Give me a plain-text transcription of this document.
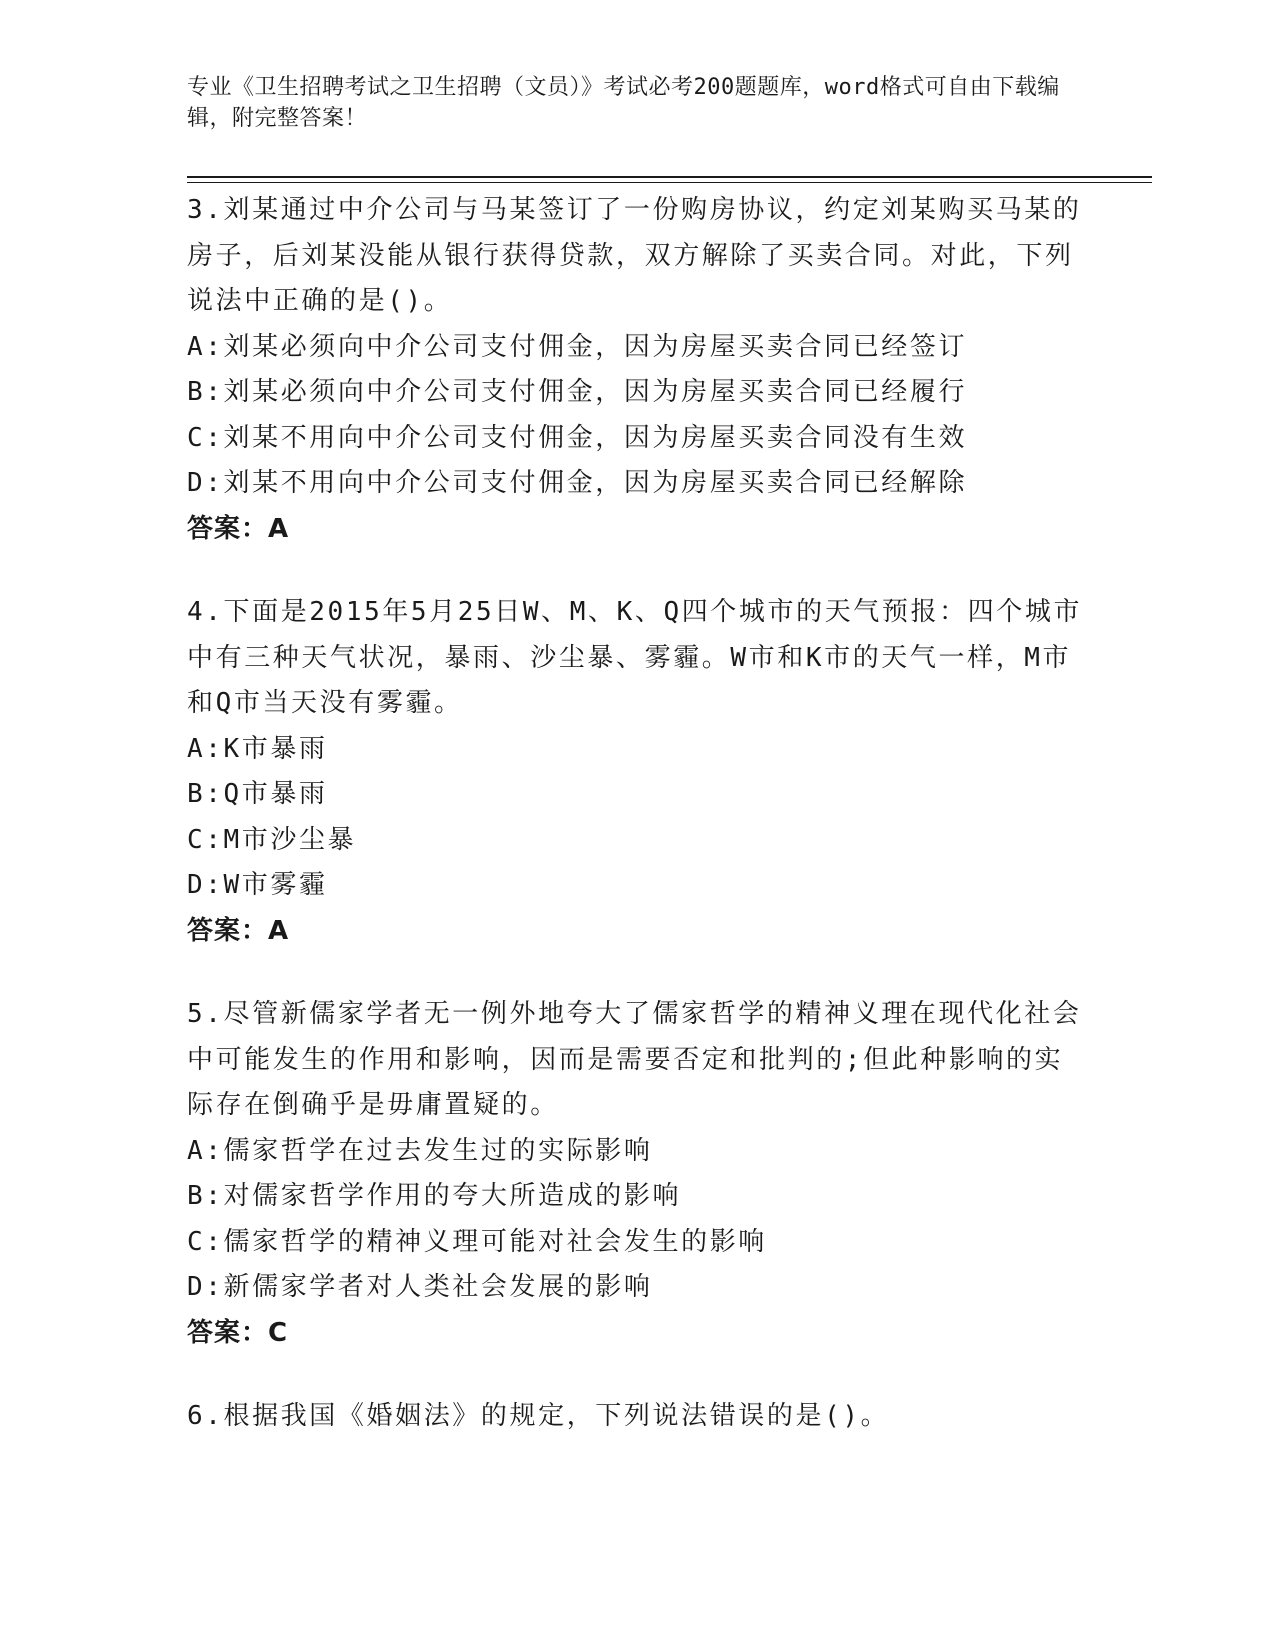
专业《卫生招聘考试之卫生招聘（文员）》考试必考200题题库，word格式可自由下载编辑，附完整答案！

3.刘某通过中介公司与马某签订了一份购房协议，约定刘某购买马某的房子，后刘某没能从银行获得贷款，双方解除了买卖合同。对此，下列说法中正确的是()。

A:刘某必须向中介公司支付佣金，因为房屋买卖合同已经签订

B:刘某必须向中介公司支付佣金，因为房屋买卖合同已经履行

C:刘某不用向中介公司支付佣金，因为房屋买卖合同没有生效

D:刘某不用向中介公司支付佣金，因为房屋买卖合同已经解除

答案：A

4.下面是2015年5月25日W、M、K、Q四个城市的天气预报：四个城市中有三种天气状况，暴雨、沙尘暴、雾霾。W市和K市的天气一样，M市和Q市当天没有雾霾。

A:K市暴雨

B:Q市暴雨

C:M市沙尘暴

D:W市雾霾

答案：A

5.尽管新儒家学者无一例外地夸大了儒家哲学的精神义理在现代化社会中可能发生的作用和影响，因而是需要否定和批判的;但此种影响的实际存在倒确乎是毋庸置疑的。

A:儒家哲学在过去发生过的实际影响

B:对儒家哲学作用的夸大所造成的影响

C:儒家哲学的精神义理可能对社会发生的影响

D:新儒家学者对人类社会发展的影响

答案：C

6.根据我国《婚姻法》的规定，下列说法错误的是()。
